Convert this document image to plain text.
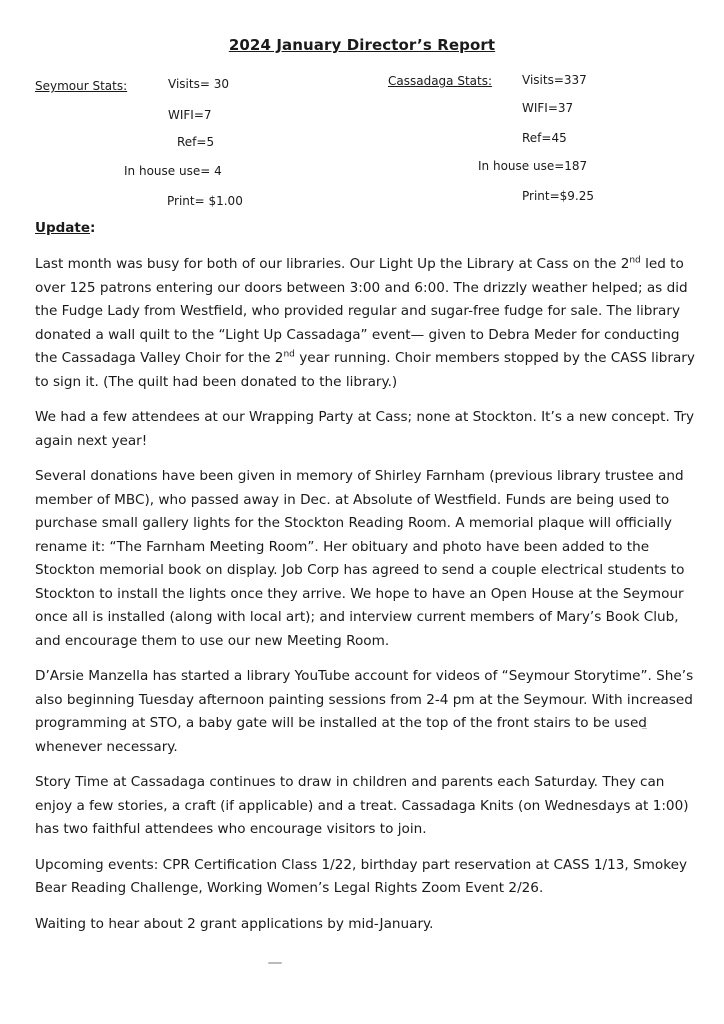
2024 January Director’s Report
Seymour Stats:	Visits= 30
WIFI=7
Ref=5
In house use= 4
Print= $1.00
Cassadaga Stats: Visits=337
WIFI=37
Ref=45
In house use=187
Print=$9.25
Update:

Last month was busy for both of our libraries. Our Light Up the Library at Cass on the 2nd led to over 125 patrons entering our doors between 3:00 and 6:00. The drizzly weather helped; as did the Fudge Lady from Westfield, who provided regular and sugar-free fudge for sale. The library donated a wall quilt to the “Light Up Cassadaga” event— given to Debra Meder for conducting the Cassadaga Valley Choir for the 2nd year running. Choir members stopped by the CASS library to sign it. (The quilt had been donated to the library.)

We had a few attendees at our Wrapping Party at Cass; none at Stockton. It’s a new concept. Try again next year!

Several donations have been given in memory of Shirley Farnham (previous library trustee and member of MBC), who passed away in Dec. at Absolute of Westfield. Funds are being used to purchase small gallery lights for the Stockton Reading Room. A memorial plaque will officially rename it: “The Farnham Meeting Room”. Her obituary and photo have been added to the Stockton memorial book on display. Job Corp has agreed to send a couple electrical students to Stockton to install the lights once they arrive. We hope to have an Open House at the Seymour once all is installed (along with local art); and interview current members of Mary’s Book Club, and encourage them to use our new Meeting Room.

D’Arsie Manzella has started a library YouTube account for videos of “Seymour Storytime”. She’s also beginning Tuesday afternoon painting sessions from 2-4 pm at the Seymour. With increased programming at STO, a baby gate will be installed at the top of the front stairs to be used whenever necessary.

Story Time at Cassadaga continues to draw in children and parents each Saturday. They can enjoy a few stories, a craft (if applicable) and a treat. Cassadaga Knits (on Wednesdays at 1:00) has two faithful attendees who encourage visitors to join.

Upcoming events: CPR Certification Class 1/22, birthday part reservation at CASS 1/13, Smokey Bear Reading Challenge, Working Women’s Legal Rights Zoom Event 2/26.

Waiting to hear about 2 grant applications by mid-January.
